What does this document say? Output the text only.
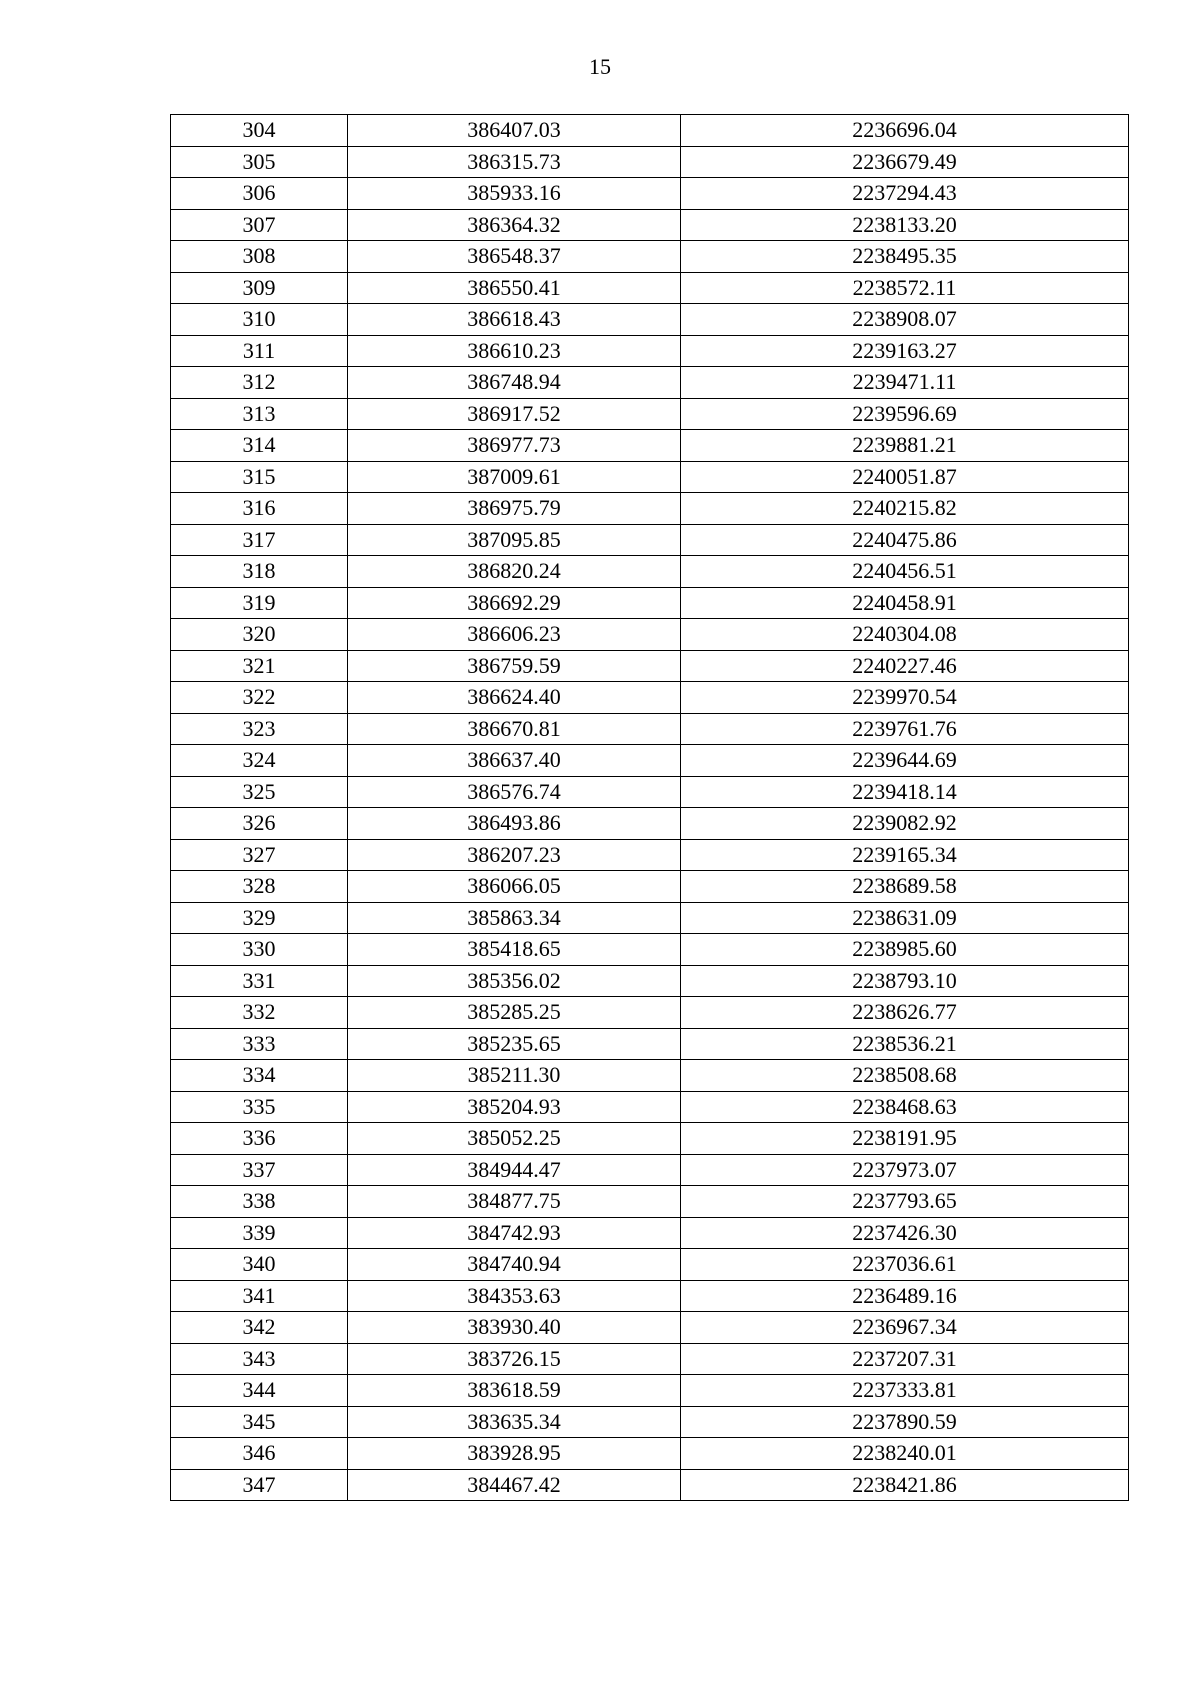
15
304	386407.03	2236696.04
305	386315.73	2236679.49
306	385933.16	2237294.43
307	386364.32	2238133.20
308	386548.37	2238495.35
309	386550.41	2238572.11
310	386618.43	2238908.07
311	386610.23	2239163.27
312	386748.94	2239471.11
313	386917.52	2239596.69
314	386977.73	2239881.21
315	387009.61	2240051.87
316	386975.79	2240215.82
317	387095.85	2240475.86
318	386820.24	2240456.51
319	386692.29	2240458.91
320	386606.23	2240304.08
321	386759.59	2240227.46
322	386624.40	2239970.54
323	386670.81	2239761.76
324	386637.40	2239644.69
325	386576.74	2239418.14
326	386493.86	2239082.92
327	386207.23	2239165.34
328	386066.05	2238689.58
329	385863.34	2238631.09
330	385418.65	2238985.60
331	385356.02	2238793.10
332	385285.25	2238626.77
333	385235.65	2238536.21
334	385211.30	2238508.68
335	385204.93	2238468.63
336	385052.25	2238191.95
337	384944.47	2237973.07
338	384877.75	2237793.65
339	384742.93	2237426.30
340	384740.94	2237036.61
341	384353.63	2236489.16
342	383930.40	2236967.34
343	383726.15	2237207.31
344	383618.59	2237333.81
345	383635.34	2237890.59
346	383928.95	2238240.01
347	384467.42	2238421.86
